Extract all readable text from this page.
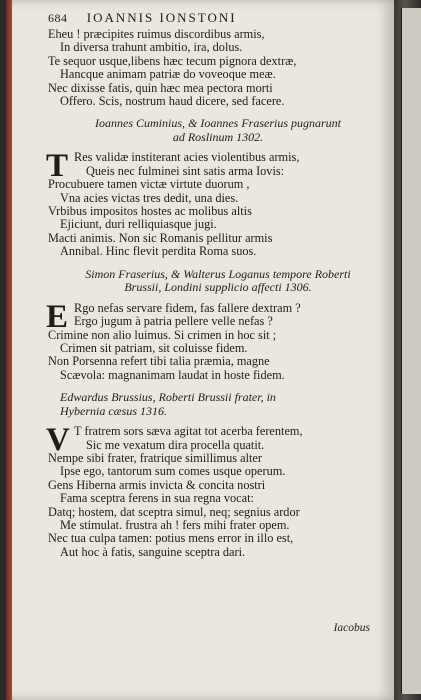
684 IOANNIS IONSTONI
Eheu ! præcipites ruimus discordibus armis,
In diversa trahunt ambitio, ira, dolus.
Te sequor usque,libens hæc tecum pignora dextræ,
Hancque animam patriæ do voveoque meæ.
Nec dixisse fatis, quin hæc mea pectora morti
Offero. Scis, nostrum haud dicere, sed facere.
Ioannes Cuminius, & Ioannes Fraserius pugnarunt
ad Roslinum 1302.
T Res validæ institerant acies violentibus armis,
Queis nec fulminei sint satis arma Iovis:
Procubuere tamen victæ virtute duorum ,
Vna acies victas tres dedit, una dies.
Vrbibus impositos hostes ac molibus altis
Ejiciunt, duri relliquiasque jugi.
Macti animis. Non sic Romanis pellitur armis
Annibal. Hinc flevit perdita Roma suos.
Simon Fraserius, & Walterus Loganus tempore Roberti
Brussii, Londini supplicio affecti 1306.
E Rgo nefas servare fidem, fas fallere dextram ?
Ergo jugum à patria pellere velle nefas ?
Crimine non alio luimus. Si crimen in hoc sit ;
Crimen sit patriam, sit coluisse fidem.
Non Porsenna refert tibi talia præmia, magne
Scævola: magnanimam laudat in hoste fidem.
Edwardus Brussius, Roberti Brussii frater, in
Hybernia cæsus 1316.
V T fratrem sors sæva agitat tot acerba ferentem,
Sic me vexatum dira procella quatit.
Nempe sibi frater, fratrique simillimus alter
Ipse ego, tantorum sum comes usque operum.
Gens Hiberna armis invicta & concita nostri
Fama sceptra ferens in sua regna vocat:
Datq; hostem, dat sceptra simul, neq; segnius ardor
Me stimulat. frustra ah ! fers mihi frater opem.
Nec tua culpa tamen: potius mens error in illo est,
Aut hoc à fatis, sanguine sceptra dari.
Iacobus
